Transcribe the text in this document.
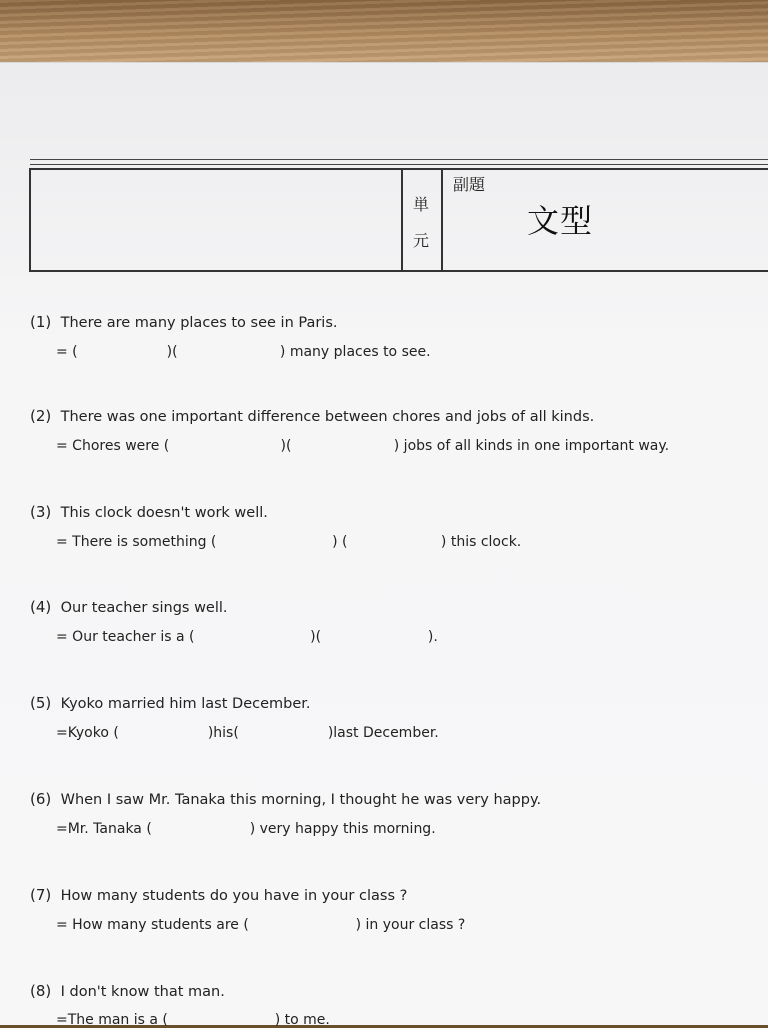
単
元
副題
文型
(1) There are many places to see in Paris.
= (                    )(                       ) many places to see.
(2) There was one important difference between chores and jobs of all kinds.
= Chores were (                         )(                       ) jobs of all kinds in one important way.
(3) This clock doesn't work well.
= There is something (                          ) (                     ) this clock.
(4) Our teacher sings well.
= Our teacher is a (                          )(                        ).
(5) Kyoko married him last December.
=Kyoko (                    )his(                    )last December.
(6) When I saw Mr. Tanaka this morning, I thought he was very happy.
=Mr. Tanaka (                      ) very happy this morning.
(7) How many students do you have in your class ?
= How many students are (                        ) in your class ?
(8) I don't know that man.
=The man is a (                        ) to me.
